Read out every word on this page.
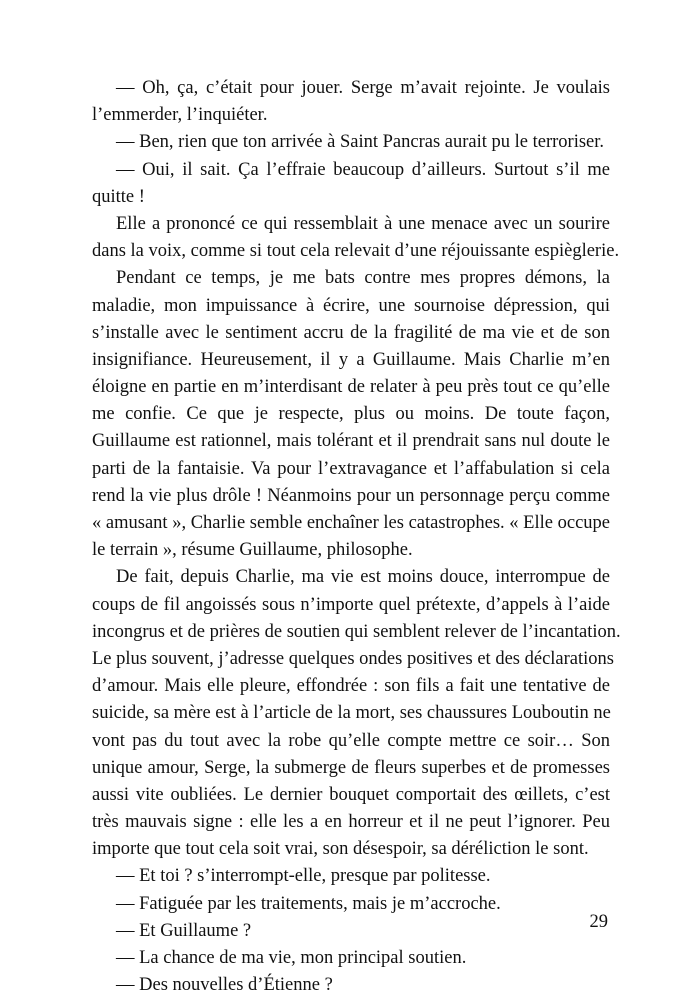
— Oh, ça, c’était pour jouer. Serge m’avait rejointe. Je voulais
l’emmerder, l’inquiéter.
— Ben, rien que ton arrivée à Saint Pancras aurait pu le terroriser.
— Oui, il sait. Ça l’effraie beaucoup d’ailleurs. Surtout s’il me
quitte !
Elle a prononcé ce qui ressemblait à une menace avec un sourire
dans la voix, comme si tout cela relevait d’une réjouissante espièglerie.
Pendant ce temps, je me bats contre mes propres démons, la
maladie, mon impuissance à écrire, une sournoise dépression, qui
s’installe avec le sentiment accru de la fragilité de ma vie et de son
insignifiance. Heureusement, il y a Guillaume. Mais Charlie m’en
éloigne en partie en m’interdisant de relater à peu près tout ce qu’elle
me confie. Ce que je respecte, plus ou moins. De toute façon,
Guillaume est rationnel, mais tolérant et il prendrait sans nul doute le
parti de la fantaisie. Va pour l’extravagance et l’affabulation si cela
rend la vie plus drôle ! Néanmoins pour un personnage perçu comme
« amusant », Charlie semble enchaîner les catastrophes. « Elle occupe
le terrain », résume Guillaume, philosophe.
De fait, depuis Charlie, ma vie est moins douce, interrompue de
coups de fil angoissés sous n’importe quel prétexte, d’appels à l’aide
incongrus et de prières de soutien qui semblent relever de l’incantation.
Le plus souvent, j’adresse quelques ondes positives et des déclarations
d’amour. Mais elle pleure, effondrée : son fils a fait une tentative de
suicide, sa mère est à l’article de la mort, ses chaussures Louboutin ne
vont pas du tout avec la robe qu’elle compte mettre ce soir… Son
unique amour, Serge, la submerge de fleurs superbes et de promesses
aussi vite oubliées. Le dernier bouquet comportait des œillets, c’est
très mauvais signe : elle les a en horreur et il ne peut l’ignorer. Peu
importe que tout cela soit vrai, son désespoir, sa déréliction le sont.
— Et toi ? s’interrompt-elle, presque par politesse.
— Fatiguée par les traitements, mais je m’accroche.
— Et Guillaume ?
— La chance de ma vie, mon principal soutien.
— Des nouvelles d’Étienne ?
29
